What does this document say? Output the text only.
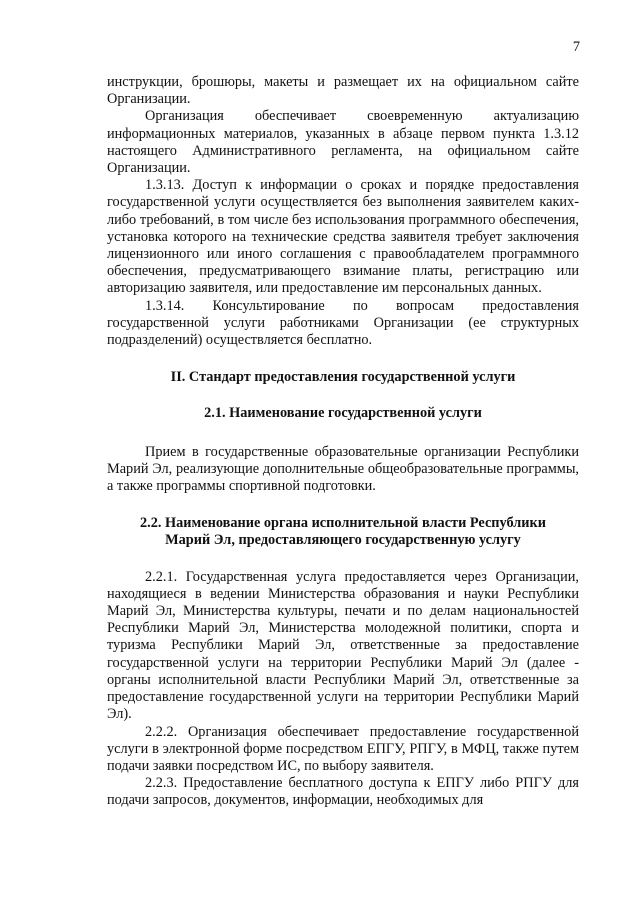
7

инструкции, брошюры, макеты и размещает их на официальном сайте Организации.

Организация обеспечивает своевременную актуализацию информационных материалов, указанных в абзаце первом пункта 1.3.12 настоящего Административного регламента, на официальном сайте Организации.

1.3.13. Доступ к информации о сроках и порядке предоставления государственной услуги осуществляется без выполнения заявителем каких-либо требований, в том числе без использования программного обеспечения, установка которого на технические средства заявителя требует заключения лицензионного или иного соглашения с правообладателем программного обеспечения, предусматривающего взимание платы, регистрацию или авторизацию заявителя, или предоставление им персональных данных.

1.3.14. Консультирование по вопросам предоставления государственной услуги работниками Организации (ее структурных подразделений) осуществляется бесплатно.

II. Стандарт предоставления государственной услуги
2.1. Наименование государственной услуги

Прием в государственные образовательные организации Республики Марий Эл, реализующие дополнительные общеобразовательные программы, а также программы спортивной подготовки.

2.2. Наименование органа исполнительной власти Республики
Марий Эл, предоставляющего государственную услугу

2.2.1. Государственная услуга предоставляется через Организации, находящиеся в ведении Министерства образования и науки Республики Марий Эл, Министерства культуры, печати и по делам национальностей Республики Марий Эл, Министерства молодежной политики, спорта и туризма Республики Марий Эл, ответственные за предоставление государственной услуги на территории Республики Марий Эл (далее - органы исполнительной власти Республики Марий Эл, ответственные за предоставление государственной услуги на территории Республики Марий Эл).

2.2.2. Организация обеспечивает предоставление государственной услуги в электронной форме посредством ЕПГУ, РПГУ, в МФЦ, также путем подачи заявки посредством ИС, по выбору заявителя.

2.2.3. Предоставление бесплатного доступа к ЕПГУ либо РПГУ для подачи запросов, документов, информации, необходимых для
